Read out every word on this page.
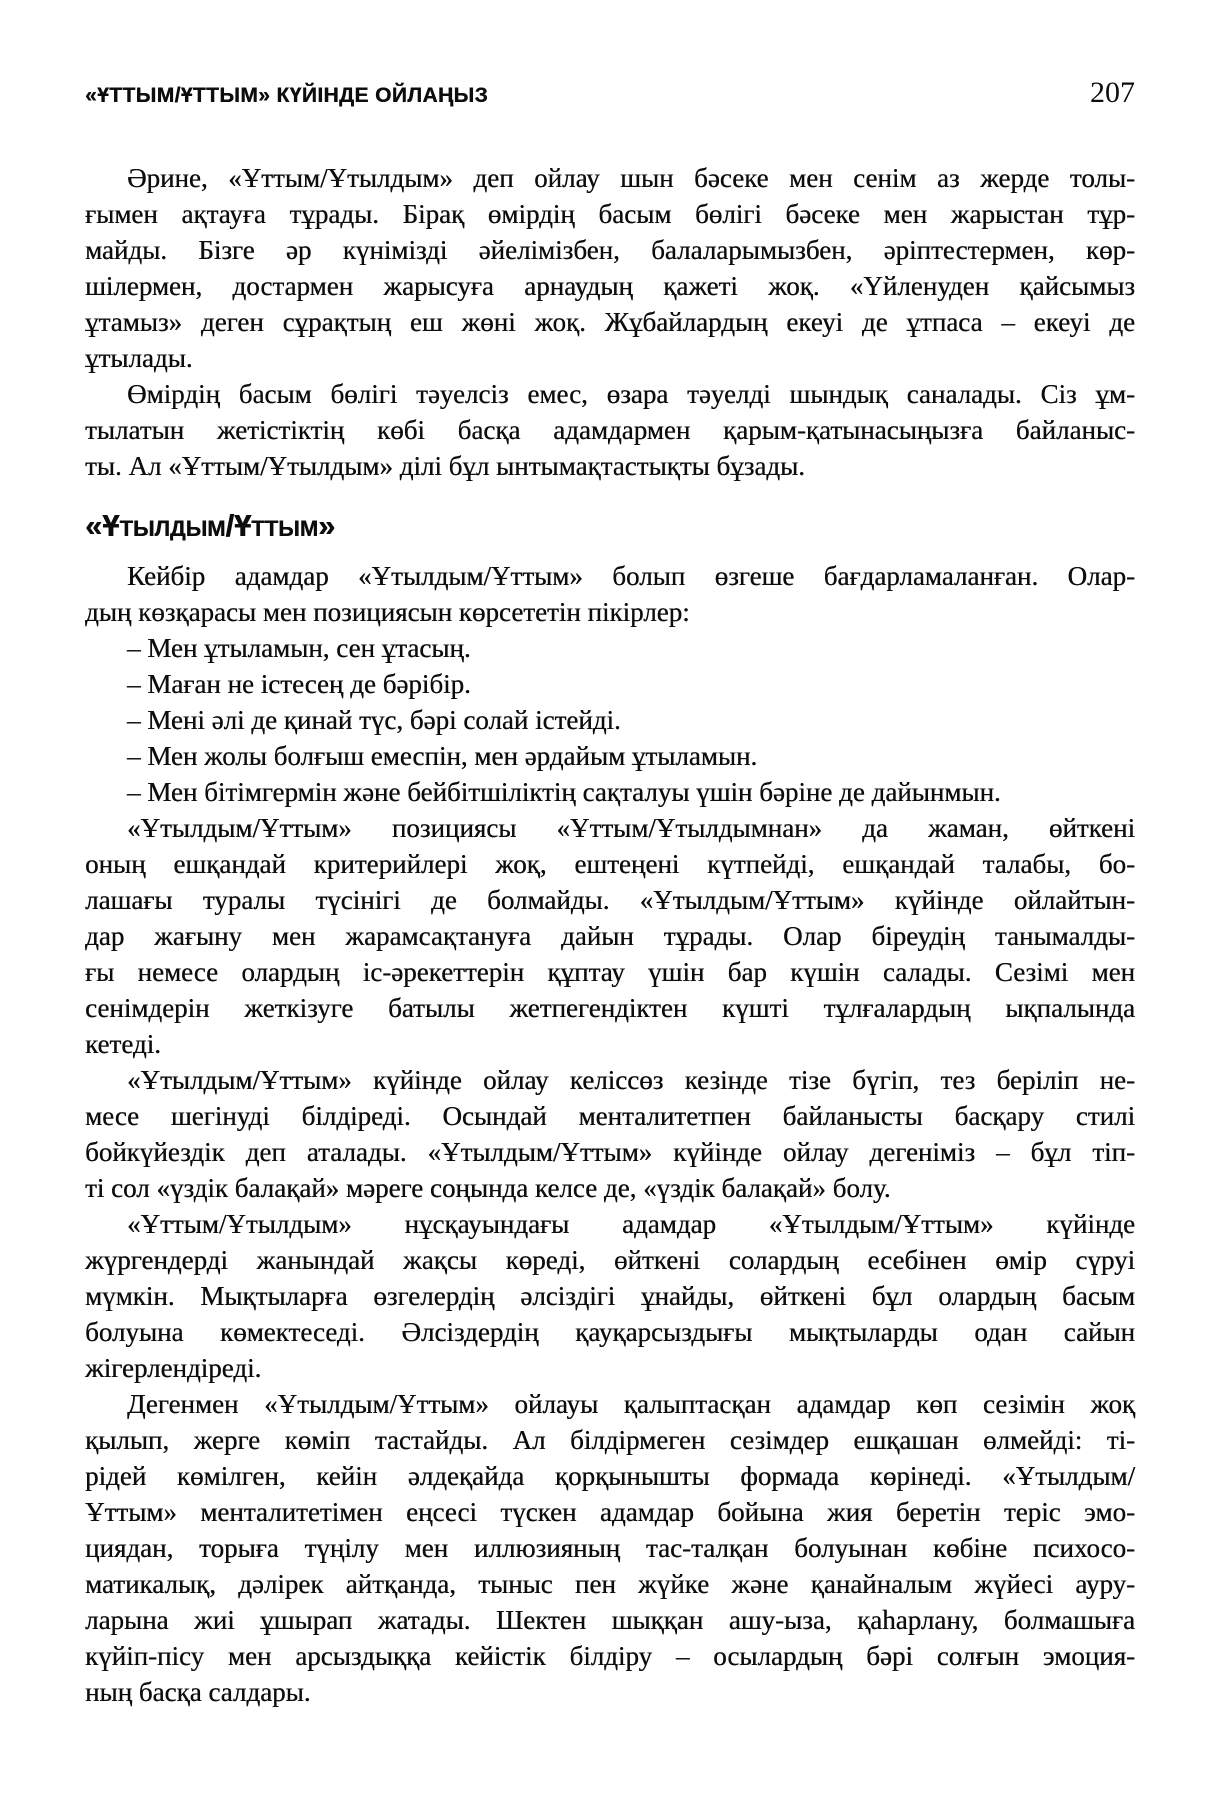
«ҰТТЫМ/ҰТТЫМ» КҮЙІНДЕ ОЙЛАҢЫЗ	207
Әрине, «Ұттым/Ұтылдым» деп ойлау шын бәсеке мен сенім аз жерде толы-
ғымен ақтауға тұрады. Бірақ өмірдің басым бөлігі бәсеке мен жарыстан тұр-
майды. Бізге әр күнімізді әйелімізбен, балаларымызбен, әріптестермен, көр-
шілермен, достармен жарысуға арнаудың қажеті жоқ. «Үйленуден қайсымыз
ұтамыз» деген сұрақтың еш жөні жоқ. Жұбайлардың екеуі де ұтпаса – екеуі де
ұтылады.
Өмірдің басым бөлігі тәуелсіз емес, өзара тәуелді шындық саналады. Сіз ұм-
тылатын жетістіктің көбі басқа адамдармен қарым-қатынасыңызға байланыс-
ты. Ал «Ұттым/Ұтылдым» ділі бұл ынтымақтастықты бұзады.
«Ұтылдым/Ұттым»
Кейбір адамдар «Ұтылдым/Ұттым» болып өзгеше бағдарламаланған. Олар-
дың көзқарасы мен позициясын көрсететін пікірлер:
– Мен ұтыламын, сен ұтасың.
– Маған не істесең де бәрібір.
– Мені әлі де қинай түс, бәрі солай істейді.
– Мен жолы болғыш емеспін, мен әрдайым ұтыламын.
– Мен бітімгермін және бейбітшіліктің сақталуы үшін бәріне де дайынмын.
«Ұтылдым/Ұттым» позициясы «Ұттым/Ұтылдымнан» да жаман, өйткені
оның ешқандай критерийлері жоқ, ештеңені күтпейді, ешқандай талабы, бо-
лашағы туралы түсінігі де болмайды. «Ұтылдым/Ұттым» күйінде ойлайтын-
дар жағыну мен жарамсақтануға дайын тұрады. Олар біреудің танымалды-
ғы немесе олардың іс-әрекеттерін құптау үшін бар күшін салады. Сезімі мен
сенімдерін жеткізуге батылы жетпегендіктен күшті тұлғалардың ықпалында
кетеді.
«Ұтылдым/Ұттым» күйінде ойлау келіссөз кезінде тізе бүгіп, тез беріліп не-
месе шегінуді білдіреді. Осындай менталитетпен байланысты басқару стилі
бойкүйездік деп аталады. «Ұтылдым/Ұттым» күйінде ойлау дегеніміз – бұл тіп-
ті сол «үздік балақай» мәреге соңында келсе де, «үздік балақай» болу.
«Ұттым/Ұтылдым» нұсқауындағы адамдар «Ұтылдым/Ұттым» күйінде
жүргендерді жанындай жақсы көреді, өйткені солардың есебінен өмір сүруі
мүмкін. Мықтыларға өзгелердің әлсіздігі ұнайды, өйткені бұл олардың басым
болуына көмектеседі. Әлсіздердің қауқарсыздығы мықтыларды одан сайын
жігерлендіреді.
Дегенмен «Ұтылдым/Ұттым» ойлауы қалыптасқан адамдар көп сезімін жоқ
қылып, жерге көміп тастайды. Ал білдірмеген сезімдер ешқашан өлмейді: ті-
рідей көмілген, кейін әлдеқайда қорқынышты формада көрінеді. «Ұтылдым/
Ұттым» менталитетімен еңсесі түскен адамдар бойына жия беретін теріс эмо-
циядан, торыға түңілу мен иллюзияның тас-талқан болуынан көбіне психосо-
матикалық, дәлірек айтқанда, тыныс пен жүйке және қанайналым жүйесі ауру-
ларына жиі ұшырап жатады. Шектен шыққан ашу-ыза, қаһарлану, болмашыға
күйіп-пісу мен арсыздыққа кейістік білдіру – осылардың бәрі солғын эмоция-
ның басқа салдары.
